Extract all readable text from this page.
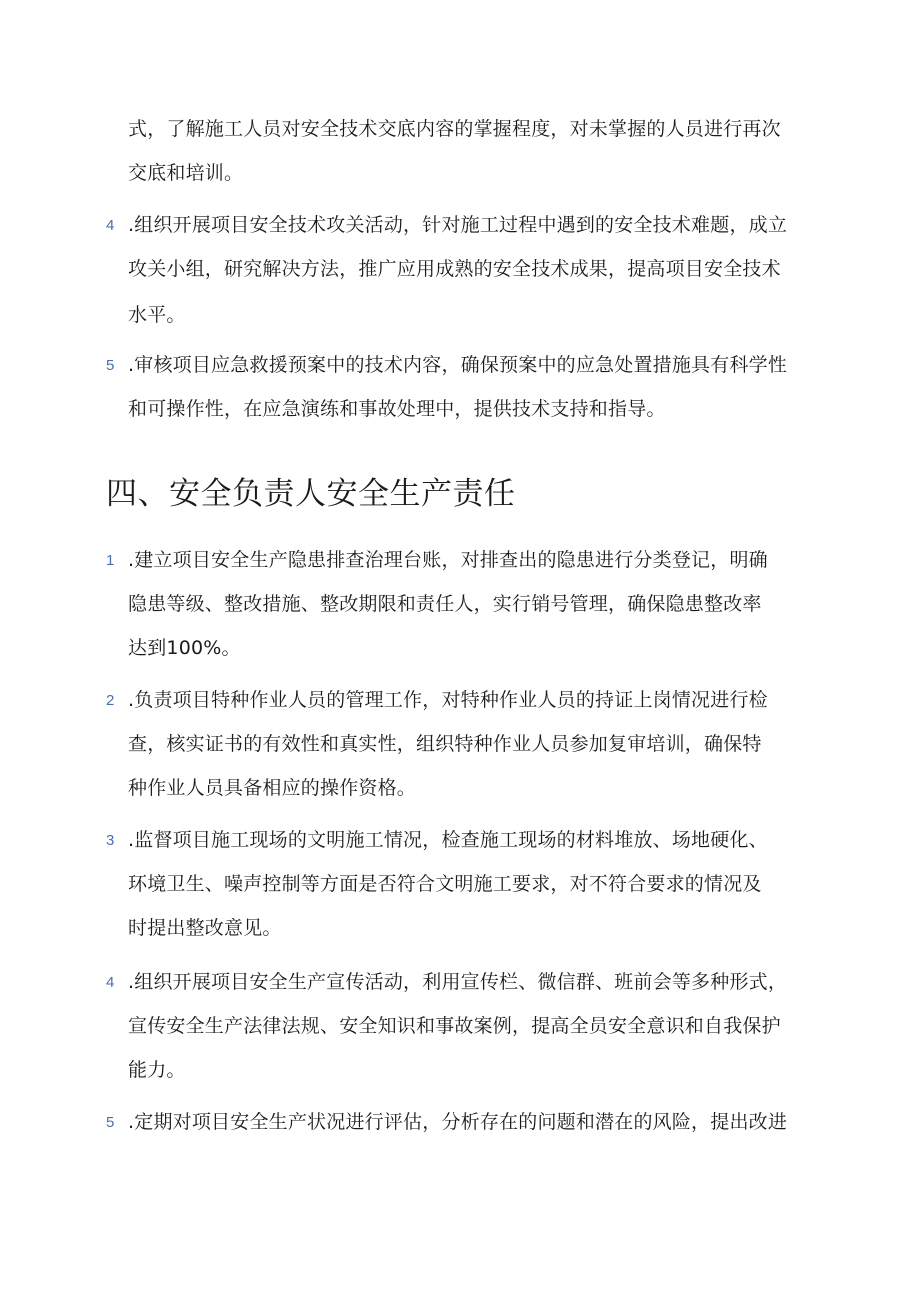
式，了解施工人员对安全技术交底内容的掌握程度，对未掌握的人员进行再次
交底和培训。
4 .组织开展项目安全技术攻关活动，针对施工过程中遇到的安全技术难题，成立
攻关小组，研究解决方法，推广应用成熟的安全技术成果，提高项目安全技术
水平。
5 .审核项目应急救援预案中的技术内容，确保预案中的应急处置措施具有科学性
和可操作性，在应急演练和事故处理中，提供技术支持和指导。
四、安全负责人安全生产责任
1 .建立项目安全生产隐患排查治理台账，对排查出的隐患进行分类登记，明确
隐患等级、整改措施、整改期限和责任人，实行销号管理，确保隐患整改率
达到100%。
2 .负责项目特种作业人员的管理工作，对特种作业人员的持证上岗情况进行检
查，核实证书的有效性和真实性，组织特种作业人员参加复审培训，确保特
种作业人员具备相应的操作资格。
3 .监督项目施工现场的文明施工情况，检查施工现场的材料堆放、场地硬化、
环境卫生、噪声控制等方面是否符合文明施工要求，对不符合要求的情况及
时提出整改意见。
4 .组织开展项目安全生产宣传活动，利用宣传栏、微信群、班前会等多种形式，
宣传安全生产法律法规、安全知识和事故案例，提高全员安全意识和自我保护
能力。
5 .定期对项目安全生产状况进行评估，分析存在的问题和潜在的风险，提出改进
